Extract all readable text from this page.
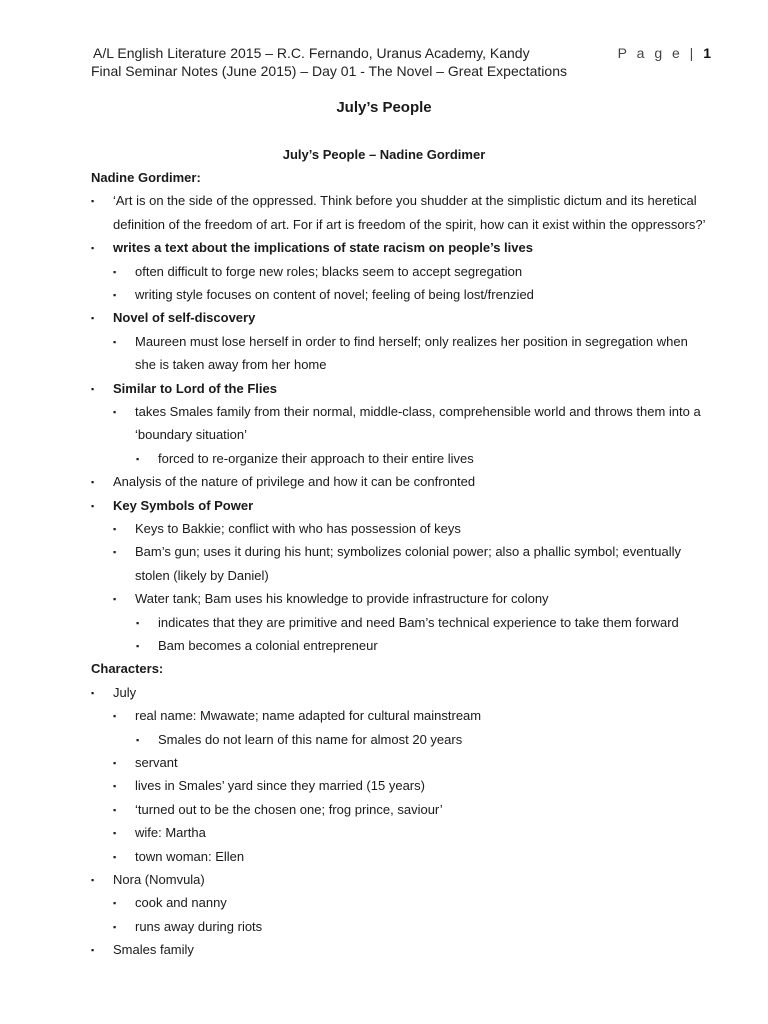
A/L English Literature 2015 – R.C. Fernando, Uranus Academy, Kandy
Final Seminar Notes (June 2015) – Day 01 - The Novel – Great Expectations
P a g e | 1
July’s People
July’s People – Nadine Gordimer
Nadine Gordimer:
▪ ‘Art is on the side of the oppressed. Think before you shudder at the simplistic dictum and its heretical
definition of the freedom of art. For if art is freedom of the spirit, how can it exist within the oppressors?’
▪ writes a text about the implications of state racism on people’s lives
▪ often difficult to forge new roles; blacks seem to accept segregation
▪ writing style focuses on content of novel; feeling of being lost/frenzied
▪ Novel of self-discovery
▪ Maureen must lose herself in order to find herself; only realizes her position in segregation when
she is taken away from her home
▪ Similar to Lord of the Flies
▪ takes Smales family from their normal, middle-class, comprehensible world and throws them into a
‘boundary situation’
▪ forced to re-organize their approach to their entire lives
▪ Analysis of the nature of privilege and how it can be confronted
▪ Key Symbols of Power
▪ Keys to Bakkie; conflict with who has possession of keys
▪ Bam’s gun; uses it during his hunt; symbolizes colonial power; also a phallic symbol; eventually
stolen (likely by Daniel)
▪ Water tank; Bam uses his knowledge to provide infrastructure for colony
▪ indicates that they are primitive and need Bam’s technical experience to take them forward
▪ Bam becomes a colonial entrepreneur
Characters:
▪ July
▪ real name: Mwawate; name adapted for cultural mainstream
▪ Smales do not learn of this name for almost 20 years
▪ servant
▪ lives in Smales’ yard since they married (15 years)
▪ ‘turned out to be the chosen one; frog prince, saviour’
▪ wife: Martha
▪ town woman: Ellen
▪ Nora (Nomvula)
▪ cook and nanny
▪ runs away during riots
▪ Smales family
